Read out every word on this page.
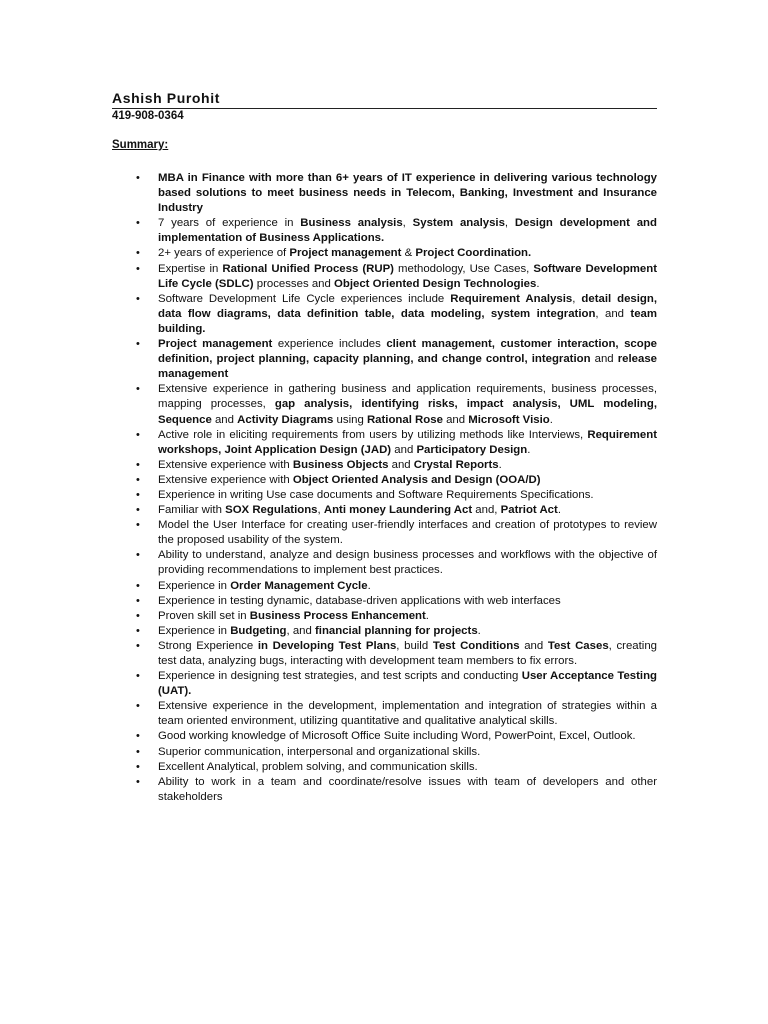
Ashish Purohit

419-908-0364

Summary:

• MBA in Finance with more than 6+ years of IT experience in delivering various technology based solutions to meet business needs in Telecom, Banking, Investment and Insurance Industry
• 7 years of experience in Business analysis, System analysis, Design development and implementation of Business Applications.
• 2+ years of experience of Project management & Project Coordination.
• Expertise in Rational Unified Process (RUP) methodology, Use Cases, Software Development Life Cycle (SDLC) processes and Object Oriented Design Technologies.
• Software Development Life Cycle experiences include Requirement Analysis, detail design, data flow diagrams, data definition table, data modeling, system integration, and team building.
• Project management experience includes client management, customer interaction, scope definition, project planning, capacity planning, and change control, integration and release management
• Extensive experience in gathering business and application requirements, business processes, mapping processes, gap analysis, identifying risks, impact analysis, UML modeling, Sequence and Activity Diagrams using Rational Rose and Microsoft Visio.
• Active role in eliciting requirements from users by utilizing methods like Interviews, Requirement workshops, Joint Application Design (JAD) and Participatory Design.
• Extensive experience with Business Objects and Crystal Reports.
• Extensive experience with Object Oriented Analysis and Design (OOA/D)
• Experience in writing Use case documents and Software Requirements Specifications.
• Familiar with SOX Regulations, Anti money Laundering Act and, Patriot Act.
• Model the User Interface for creating user-friendly interfaces and creation of prototypes to review the proposed usability of the system.
• Ability to understand, analyze and design business processes and workflows with the objective of providing recommendations to implement best practices.
• Experience in Order Management Cycle.
• Experience in testing dynamic, database-driven applications with web interfaces
• Proven skill set in Business Process Enhancement.
• Experience in Budgeting, and financial planning for projects.
• Strong Experience in Developing Test Plans, build Test Conditions and Test Cases, creating test data, analyzing bugs, interacting with development team members to fix errors.
• Experience in designing test strategies, and test scripts and conducting User Acceptance Testing (UAT).
• Extensive experience in the development, implementation and integration of strategies within a team oriented environment, utilizing quantitative and qualitative analytical skills.
• Good working knowledge of Microsoft Office Suite including Word, PowerPoint, Excel, Outlook.
• Superior communication, interpersonal and organizational skills.
• Excellent Analytical, problem solving, and communication skills.
• Ability to work in a team and coordinate/resolve issues with team of developers and other stakeholders
